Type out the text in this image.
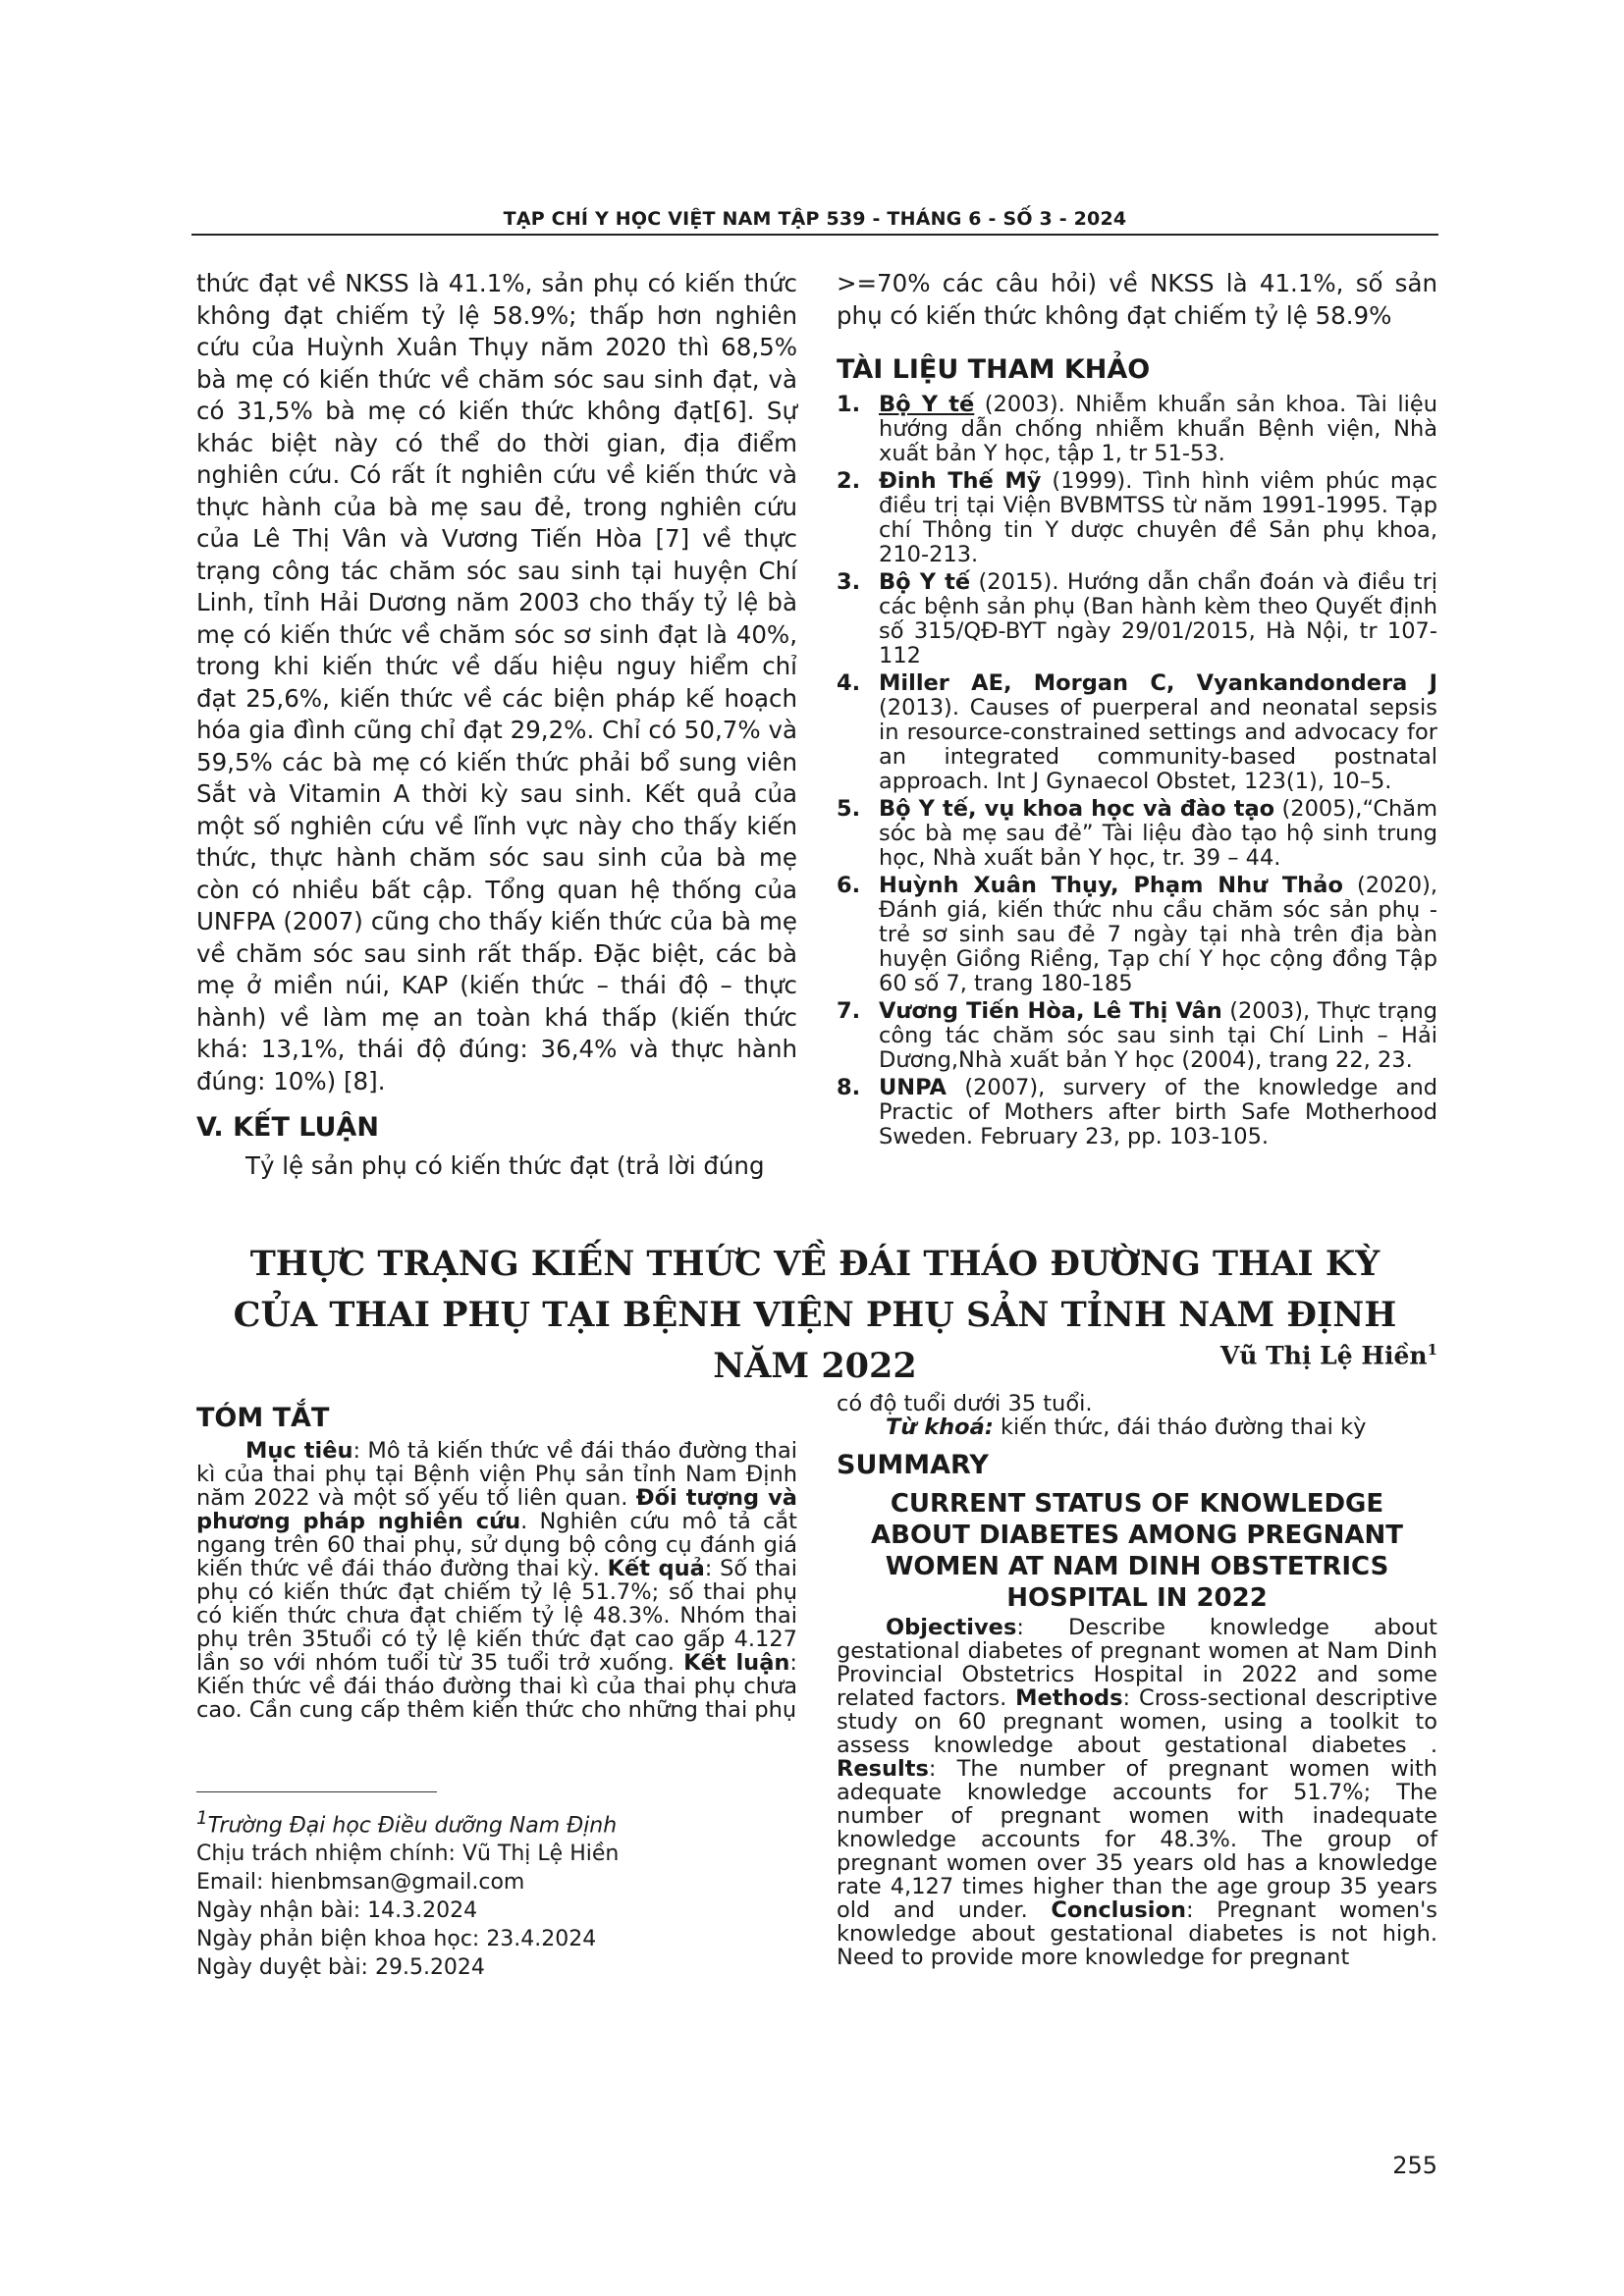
TẠP CHÍ Y HỌC VIỆT NAM TẬP 539 - THÁNG 6 - SỐ 3 - 2024
thức đạt về NKSS là 41.1%, sản phụ có kiến thức không đạt chiếm tỷ lệ 58.9%; thấp hơn nghiên cứu của Huỳnh Xuân Thụy năm 2020 thì 68,5% bà mẹ có kiến thức về chăm sóc sau sinh đạt, và có 31,5% bà mẹ có kiến thức không đạt[6]. Sự khác biệt này có thể do thời gian, địa điểm nghiên cứu. Có rất ít nghiên cứu về kiến thức và thực hành của bà mẹ sau đẻ, trong nghiên cứu của Lê Thị Vân và Vương Tiến Hòa [7] về thực trạng công tác chăm sóc sau sinh tại huyện Chí Linh, tỉnh Hải Dương năm 2003 cho thấy tỷ lệ bà mẹ có kiến thức về chăm sóc sơ sinh đạt là 40%, trong khi kiến thức về dấu hiệu nguy hiểm chỉ đạt 25,6%, kiến thức về các biện pháp kế hoạch hóa gia đình cũng chỉ đạt 29,2%. Chỉ có 50,7% và 59,5% các bà mẹ có kiến thức phải bổ sung viên Sắt và Vitamin A thời kỳ sau sinh. Kết quả của một số nghiên cứu về lĩnh vực này cho thấy kiến thức, thực hành chăm sóc sau sinh của bà mẹ còn có nhiều bất cập. Tổng quan hệ thống của UNFPA (2007) cũng cho thấy kiến thức của bà mẹ về chăm sóc sau sinh rất thấp. Đặc biệt, các bà mẹ ở miền núi, KAP (kiến thức – thái độ – thực hành) về làm mẹ an toàn khá thấp (kiến thức khá: 13,1%, thái độ đúng: 36,4% và thực hành đúng: 10%) [8].
V. KẾT LUẬN
Tỷ lệ sản phụ có kiến thức đạt (trả lời đúng
>=70% các câu hỏi) về NKSS là 41.1%, số sản phụ có kiến thức không đạt chiếm tỷ lệ 58.9%
TÀI LIỆU THAM KHẢO
1. Bộ Y tế (2003). Nhiễm khuẩn sản khoa. Tài liệu hướng dẫn chống nhiễm khuẩn Bệnh viện, Nhà xuất bản Y học, tập 1, tr 51-53.
2. Đinh Thế Mỹ (1999). Tình hình viêm phúc mạc điều trị tại Viện BVBMTSS từ năm 1991-1995. Tạp chí Thông tin Y dược chuyên đề Sản phụ khoa, 210-213.
3. Bộ Y tế (2015). Hướng dẫn chẩn đoán và điều trị các bệnh sản phụ (Ban hành kèm theo Quyết định số 315/QĐ-BYT ngày 29/01/2015, Hà Nội, tr 107-112
4. Miller AE, Morgan C, Vyankandondera J (2013). Causes of puerperal and neonatal sepsis in resource-constrained settings and advocacy for an integrated community-based postnatal approach. Int J Gynaecol Obstet, 123(1), 10–5.
5. Bộ Y tế, vụ khoa học và đào tạo (2005),“Chăm sóc bà mẹ sau đẻ” Tài liệu đào tạo hộ sinh trung học, Nhà xuất bản Y học, tr. 39 – 44.
6. Huỳnh Xuân Thụy, Phạm Như Thảo (2020), Đánh giá, kiến thức nhu cầu chăm sóc sản phụ - trẻ sơ sinh sau đẻ 7 ngày tại nhà trên địa bàn huyện Giồng Riềng, Tạp chí Y học cộng đồng Tập 60 số 7, trang 180-185
7. Vương Tiến Hòa, Lê Thị Vân (2003), Thực trạng công tác chăm sóc sau sinh tại Chí Linh – Hải Dương,Nhà xuất bản Y học (2004), trang 22, 23.
8. UNPA (2007), survery of the knowledge and Practic of Mothers after birth Safe Motherhood Sweden. February 23, pp. 103-105.
THỰC TRẠNG KIẾN THỨC VỀ ĐÁI THÁO ĐƯỜNG THAI KỲ
CỦA THAI PHỤ TẠI BỆNH VIỆN PHỤ SẢN TỈNH NAM ĐỊNH NĂM 2022	Vũ Thị Lệ Hiền$^1$
TÓM TẮT
Mục tiêu: Mô tả kiến thức về đái tháo đường thai kì của thai phụ tại Bệnh viện Phụ sản tỉnh Nam Định năm 2022 và một số yếu tố liên quan. Đối tượng và phương pháp nghiên cứu. Nghiên cứu mô tả cắt ngang trên 60 thai phụ, sử dụng bộ công cụ đánh giá kiến thức về đái tháo đường thai kỳ. Kết quả: Số thai phụ có kiến thức đạt chiếm tỷ lệ 51.7%; số thai phụ có kiến thức chưa đạt chiếm tỷ lệ 48.3%. Nhóm thai phụ trên 35tuổi có tỷ lệ kiến thức đạt cao gấp 4.127 lần so với nhóm tuổi từ 35 tuổi trở xuống. Kết luận: Kiến thức về đái tháo đường thai kì của thai phụ chưa cao. Cần cung cấp thêm kiến thức cho những thai phụ
$^1$Trường Đại học Điều dưỡng Nam Định
Chịu trách nhiệm chính: Vũ Thị Lệ Hiền
Email: hienbmsan@gmail.com
Ngày nhận bài: 14.3.2024
Ngày phản biện khoa học: 23.4.2024
Ngày duyệt bài: 29.5.2024
có độ tuổi dưới 35 tuổi.
Từ khoá: kiến thức, đái tháo đường thai kỳ
SUMMARY
CURRENT STATUS OF KNOWLEDGE ABOUT DIABETES AMONG PREGNANT WOMEN AT NAM DINH OBSTETRICS HOSPITAL IN 2022
Objectives: Describe knowledge about gestational diabetes of pregnant women at Nam Dinh Provincial Obstetrics Hospital in 2022 and some related factors. Methods: Cross-sectional descriptive study on 60 pregnant women, using a toolkit to assess knowledge about gestational diabetes . Results: The number of pregnant women with adequate knowledge accounts for 51.7%; The number of pregnant women with inadequate knowledge accounts for 48.3%. The group of pregnant women over 35 years old has a knowledge rate 4,127 times higher than the age group 35 years old and under. Conclusion: Pregnant women's knowledge about gestational diabetes is not high. Need to provide more knowledge for pregnant
255
